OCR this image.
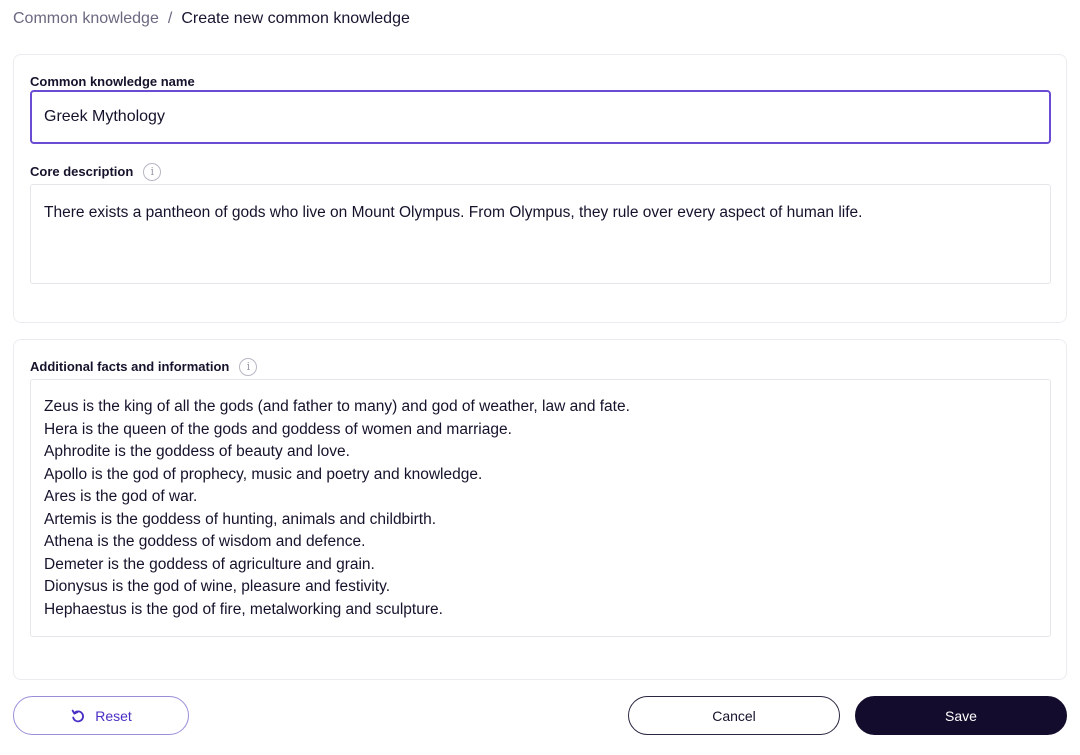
Common knowledge / Create new common knowledge
Common knowledge name
Greek Mythology
Core description	i
There exists a pantheon of gods who live on Mount Olympus. From Olympus, they rule over every aspect of human life.
Additional facts and information	i
Zeus is the king of all the gods (and father to many) and god of weather, law and fate. Hera is the queen of the gods and goddess of women and marriage. Aphrodite is the goddess of beauty and love. Apollo is the god of prophecy, music and poetry and knowledge. Ares is the god of war. Artemis is the goddess of hunting, animals and childbirth. Athena is the goddess of wisdom and defence. Demeter is the goddess of agriculture and grain. Dionysus is the god of wine, pleasure and festivity. Hephaestus is the god of fire, metalworking and sculpture.
Reset	Cancel	Save
